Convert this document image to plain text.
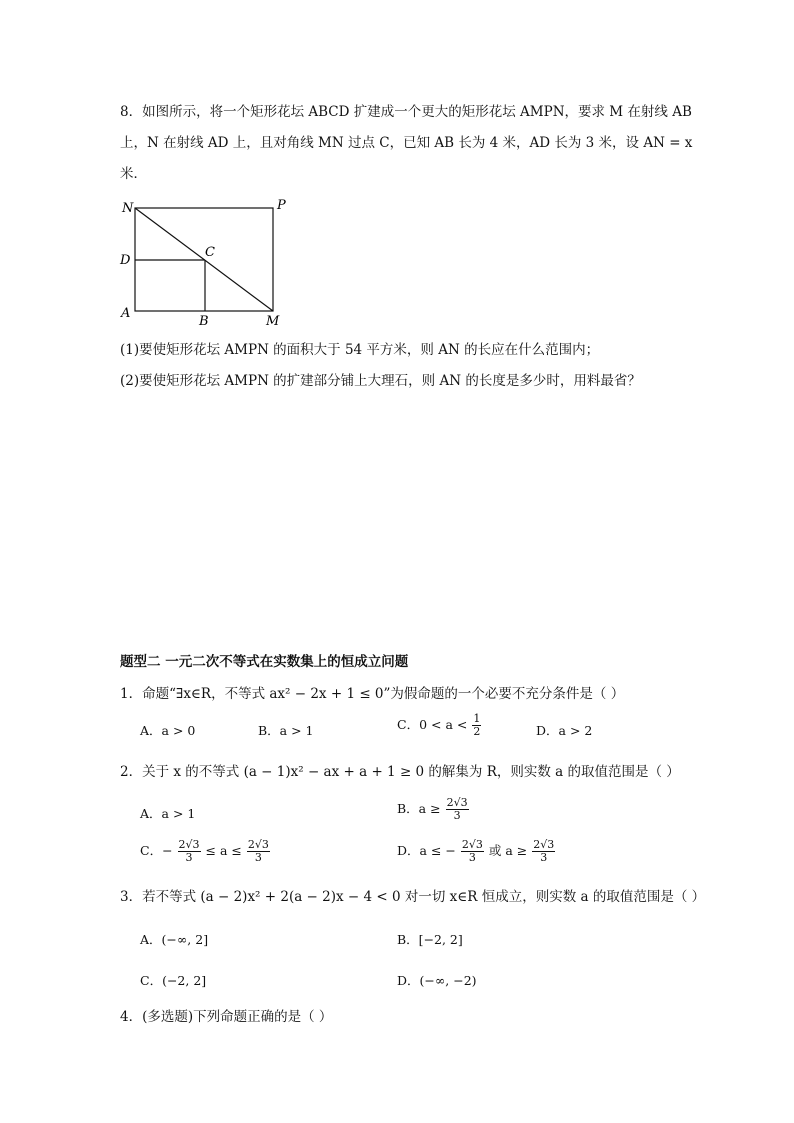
8．如图所示，将一个矩形花坛 ABCD 扩建成一个更大的矩形花坛 AMPN，要求 M 在射线 AB
上，N 在射线 AD 上，且对角线 MN 过点 C，已知 AB 长为 4 米，AD 长为 3 米，设 AN = x
米．
N	P
D
C
A
B	M
(1)要使矩形花坛 AMPN 的面积大于 54 平方米，则 AN 的长应在什么范围内；
(2)要使矩形花坛 AMPN 的扩建部分铺上大理石，则 AN 的长度是多少时，用料最省？
题型二 一元二次不等式在实数集上的恒成立问题
1．命题“∃x∈R，不等式 ax² − 2x + 1 ≤ 0”为假命题的一个必要不充分条件是（ ）
A．a > 0	B．a > 1	C．$0 < a < \frac{1}{2}$	D．a > 2
2．关于 x 的不等式 (a − 1)x² − ax + a + 1 ≥ 0 的解集为 R，则实数 a 的取值范围是（ ）
A．a > 1	B．$a \ge \frac{2√3}{3}$
C．− $\frac{2√3}{3} \le a \le \frac{2√3}{3}$	D．a ≤ − $\frac{2√3}{3}$ 或 $a \ge \frac{2√3}{3}$
3．若不等式 (a − 2)x² + 2(a − 2)x − 4 < 0 对一切 x∈R 恒成立，则实数 a 的取值范围是（ ）
A．(−∞, 2]	B．[−2, 2]
C．(−2, 2]	D．(−∞, −2)
4．(多选题)下列命题正确的是（ ）
